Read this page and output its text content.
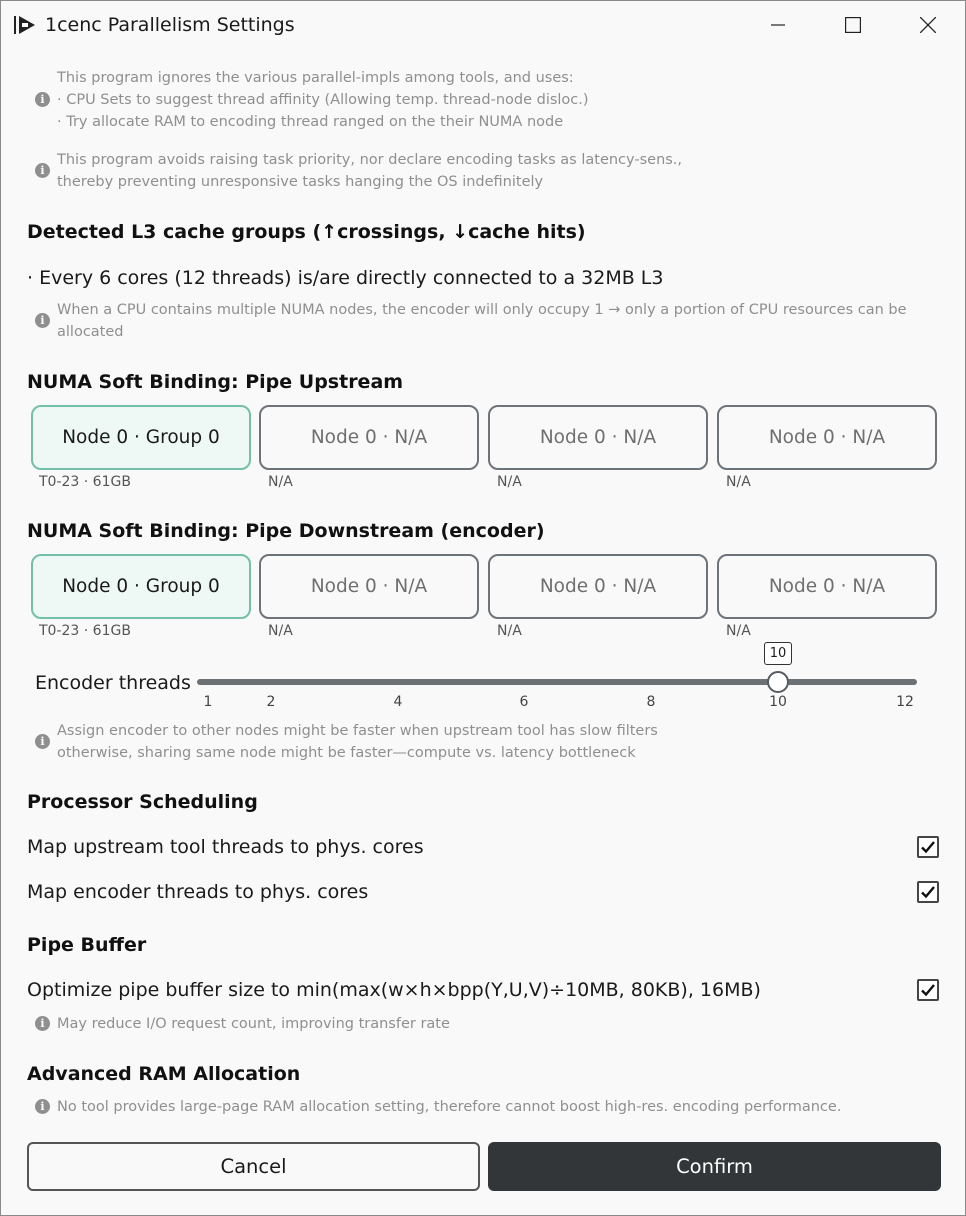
1cenc Parallelism Settings
i
This program ignores the various parallel-impls among tools, and uses:
· CPU Sets to suggest thread affinity (Allowing temp. thread-node disloc.)
· Try allocate RAM to encoding thread ranged on the their NUMA node
i
This program avoids raising task priority, nor declare encoding tasks as latency-sens.,
thereby preventing unresponsive tasks hanging the OS indefinitely
Detected L3 cache groups (↑crossings, ↓cache hits)
· Every 6 cores (12 threads) is/are directly connected to a 32MB L3
i
When a CPU contains multiple NUMA nodes, the encoder will only occupy 1 → only a portion of CPU resources can be
allocated
NUMA Soft Binding: Pipe Upstream
Node 0 · Group 0	Node 0 · N/A	Node 0 · N/A	Node 0 · N/A
T0-23 · 61GB	N/A	N/A	N/A
NUMA Soft Binding: Pipe Downstream (encoder)
Node 0 · Group 0	Node 0 · N/A	Node 0 · N/A	Node 0 · N/A
T0-23 · 61GB	N/A	N/A	N/A
Encoder threads
10
1	2	4	6	8	10	12
i
Assign encoder to other nodes might be faster when upstream tool has slow filters
otherwise, sharing same node might be faster—compute vs. latency bottleneck
Processor Scheduling
Map upstream tool threads to phys. cores
Map encoder threads to phys. cores
Pipe Buffer
Optimize pipe buffer size to min(max(w×h×bpp(Y,U,V)÷10MB, 80KB), 16MB)
i May reduce I/O request count, improving transfer rate
Advanced RAM Allocation
i No tool provides large-page RAM allocation setting, therefore cannot boost high-res. encoding performance.
Cancel	Confirm
